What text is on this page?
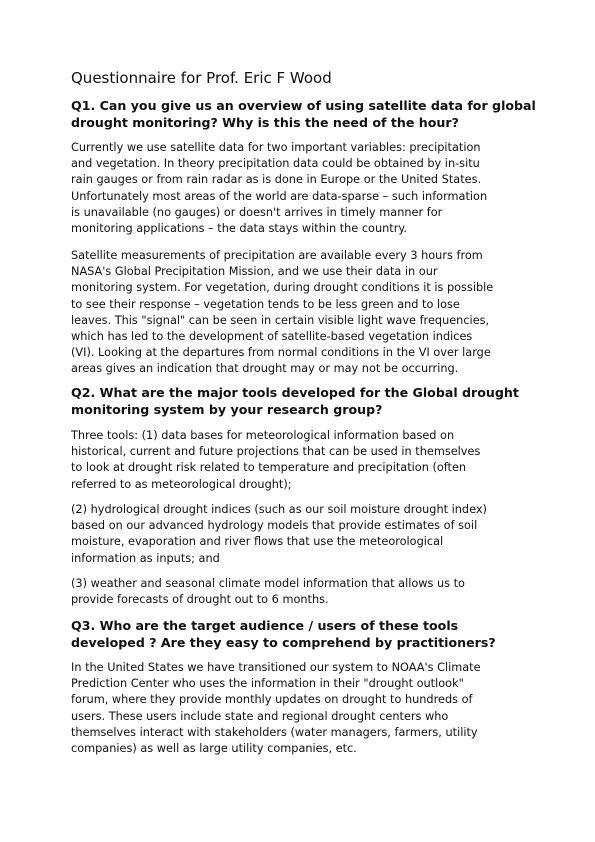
Questionnaire for Prof. Eric F Wood
Q1. Can you give us an overview of using satellite data for global
drought monitoring? Why is this the need of the hour?

Currently we use satellite data for two important variables: precipitation
and vegetation. In theory precipitation data could be obtained by in-situ
rain gauges or from rain radar as is done in Europe or the United States.
Unfortunately most areas of the world are data-sparse – such information
is unavailable (no gauges) or doesn't arrives in timely manner for
monitoring applications – the data stays within the country.

Satellite measurements of precipitation are available every 3 hours from
NASA's Global Precipitation Mission, and we use their data in our
monitoring system. For vegetation, during drought conditions it is possible
to see their response – vegetation tends to be less green and to lose
leaves. This "signal" can be seen in certain visible light wave frequencies,
which has led to the development of satellite-based vegetation indices
(VI). Looking at the departures from normal conditions in the VI over large
areas gives an indication that drought may or may not be occurring.

Q2. What are the major tools developed for the Global drought
monitoring system by your research group?

Three tools: (1) data bases for meteorological information based on
historical, current and future projections that can be used in themselves
to look at drought risk related to temperature and precipitation (often
referred to as meteorological drought);

(2) hydrological drought indices (such as our soil moisture drought index)
based on our advanced hydrology models that provide estimates of soil
moisture, evaporation and river flows that use the meteorological
information as inputs; and

(3) weather and seasonal climate model information that allows us to
provide forecasts of drought out to 6 months.

Q3. Who are the target audience / users of these tools
developed ? Are they easy to comprehend by practitioners?

In the United States we have transitioned our system to NOAA's Climate
Prediction Center who uses the information in their "drought outlook"
forum, where they provide monthly updates on drought to hundreds of
users. These users include state and regional drought centers who
themselves interact with stakeholders (water managers, farmers, utility
companies) as well as large utility companies, etc.
